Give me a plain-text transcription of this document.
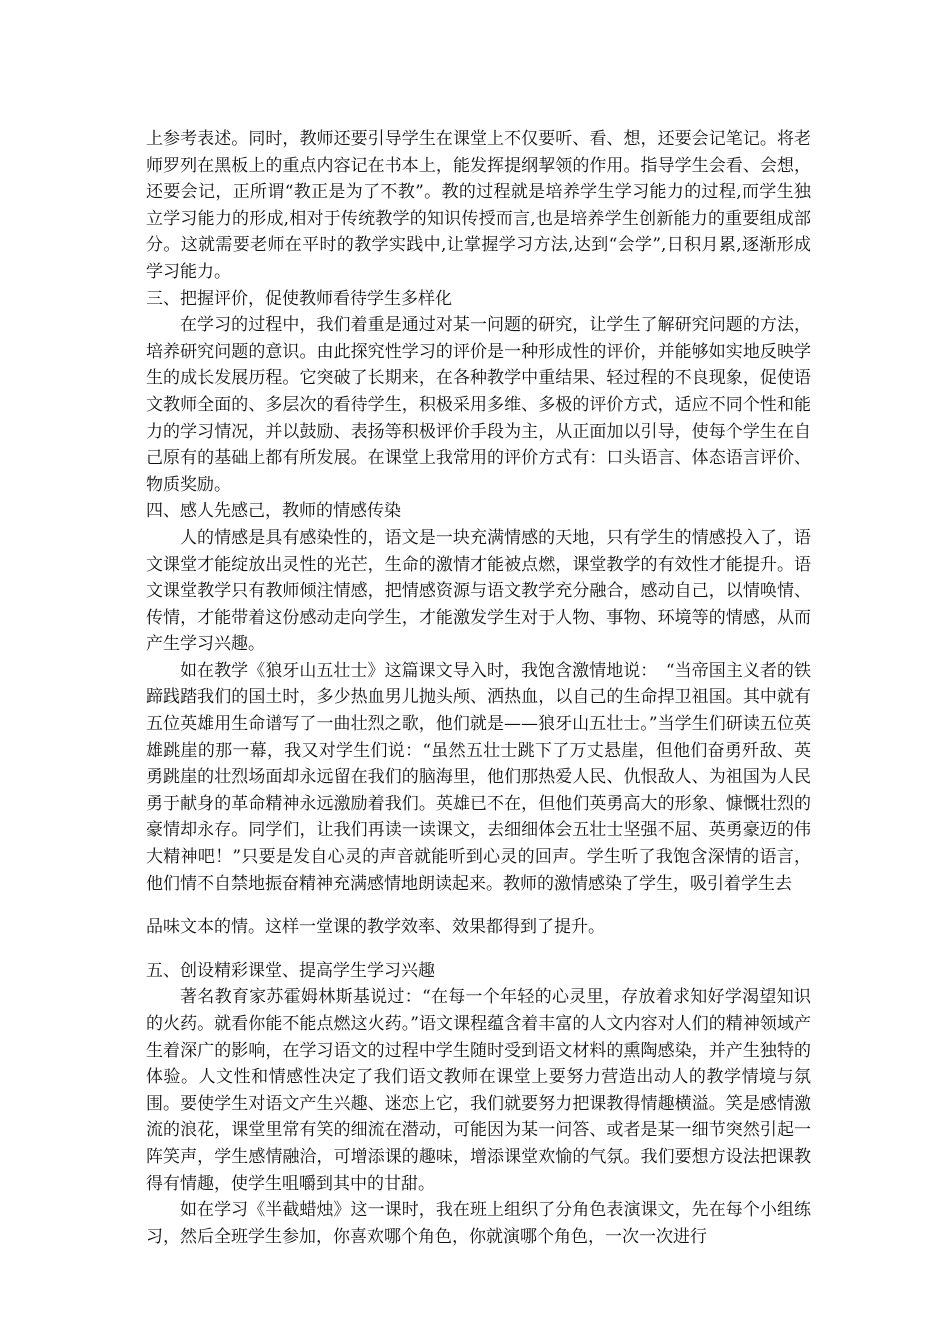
上参考表述。同时，教师还要引导学生在课堂上不仅要听、看、想，还要会记笔记。将老师罗列在黑板上的重点内容记在书本上，能发挥提纲挈领的作用。指导学生会看、会想，还要会记，正所谓“教正是为了不教”。教的过程就是培养学生学习能力的过程,而学生独立学习能力的形成,相对于传统教学的知识传授而言,也是培养学生创新能力的重要组成部分。这就需要老师在平时的教学实践中,让掌握学习方法,达到“会学”,日积月累,逐渐形成学习能力。

三、把握评价，促使教师看待学生多样化

在学习的过程中，我们着重是通过对某一问题的研究，让学生了解研究问题的方法，培养研究问题的意识。由此探究性学习的评价是一种形成性的评价，并能够如实地反映学生的成长发展历程。它突破了长期来，在各种教学中重结果、轻过程的不良现象，促使语文教师全面的、多层次的看待学生，积极采用多维、多极的评价方式，适应不同个性和能力的学习情况，并以鼓励、表扬等积极评价手段为主，从正面加以引导，使每个学生在自己原有的基础上都有所发展。在课堂上我常用的评价方式有：口头语言、体态语言评价、物质奖励。

四、感人先感己，教师的情感传染

人的情感是具有感染性的，语文是一块充满情感的天地，只有学生的情感投入了，语文课堂才能绽放出灵性的光芒，生命的激情才能被点燃，课堂教学的有效性才能提升。语文课堂教学只有教师倾注情感，把情感资源与语文教学充分融合，感动自己，以情唤情、传情，才能带着这份感动走向学生，才能激发学生对于人物、事物、环境等的情感，从而产生学习兴趣。

如在教学《狼牙山五壮士》这篇课文导入时，我饱含激情地说：　“当帝国主义者的铁蹄践踏我们的国土时，多少热血男儿抛头颅、洒热血，以自己的生命捍卫祖国。其中就有五位英雄用生命谱写了一曲壮烈之歌，他们就是——狼牙山五壮士。”当学生们研读五位英雄跳崖的那一幕，我又对学生们说：“虽然五壮士跳下了万丈悬崖，但他们奋勇歼敌、英勇跳崖的壮烈场面却永远留在我们的脑海里，他们那热爱人民、仇恨敌人、为祖国为人民勇于献身的革命精神永远激励着我们。英雄已不在，但他们英勇高大的形象、慷慨壮烈的豪情却永存。同学们，让我们再读一读课文，去细细体会五壮士坚强不屈、英勇豪迈的伟大精神吧！”只要是发自心灵的声音就能听到心灵的回声。学生听了我饱含深情的语言，他们情不自禁地振奋精神充满感情地朗读起来。教师的激情感染了学生，吸引着学生去

品味文本的情。这样一堂课的教学效率、效果都得到了提升。

五、创设精彩课堂、提高学生学习兴趣

著名教育家苏霍姆林斯基说过：“在每一个年轻的心灵里，存放着求知好学渴望知识的火药。就看你能不能点燃这火药。”语文课程蕴含着丰富的人文内容对人们的精神领域产生着深广的影响，在学习语文的过程中学生随时受到语文材料的熏陶感染，并产生独特的体验。人文性和情感性决定了我们语文教师在课堂上要努力营造出动人的教学情境与氛围。要使学生对语文产生兴趣、迷恋上它，我们就要努力把课教得情趣横溢。笑是感情激流的浪花，课堂里常有笑的细流在潜动，可能因为某一问答、或者是某一细节突然引起一阵笑声，学生感情融洽，可增添课的趣味，增添课堂欢愉的气氛。我们要想方设法把课教得有情趣，使学生咀嚼到其中的甘甜。

如在学习《半截蜡烛》这一课时，我在班上组织了分角色表演课文，先在每个小组练习，然后全班学生参加，你喜欢哪个角色，你就演哪个角色，一次一次进行
